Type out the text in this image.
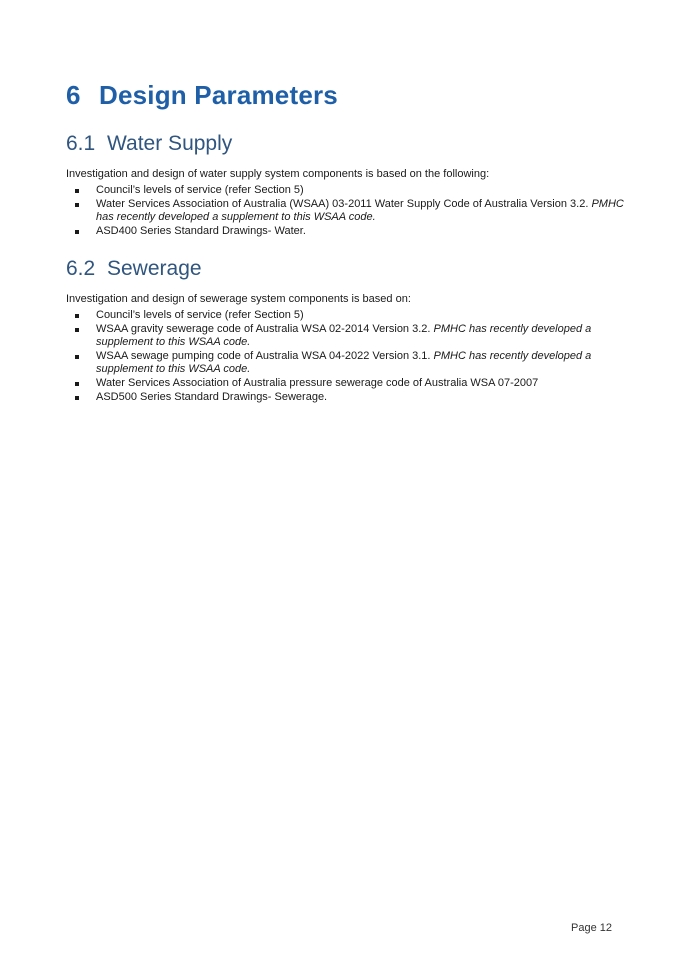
6 Design Parameters
6.1 Water Supply

Investigation and design of water supply system components is based on the following:

Council’s levels of service (refer Section 5)
Water Services Association of Australia (WSAA) 03-2011 Water Supply Code of Australia Version 3.2. PMHC has recently developed a supplement to this WSAA code.
ASD400 Series Standard Drawings- Water.
6.2 Sewerage

Investigation and design of sewerage system components is based on:

Council’s levels of service (refer Section 5)
WSAA gravity sewerage code of Australia WSA 02-2014 Version 3.2. PMHC has recently developed a supplement to this WSAA code.
WSAA sewage pumping code of Australia WSA 04-2022 Version 3.1. PMHC has recently developed a supplement to this WSAA code.
Water Services Association of Australia pressure sewerage code of Australia WSA 07-2007
ASD500 Series Standard Drawings- Sewerage.
Page 12
